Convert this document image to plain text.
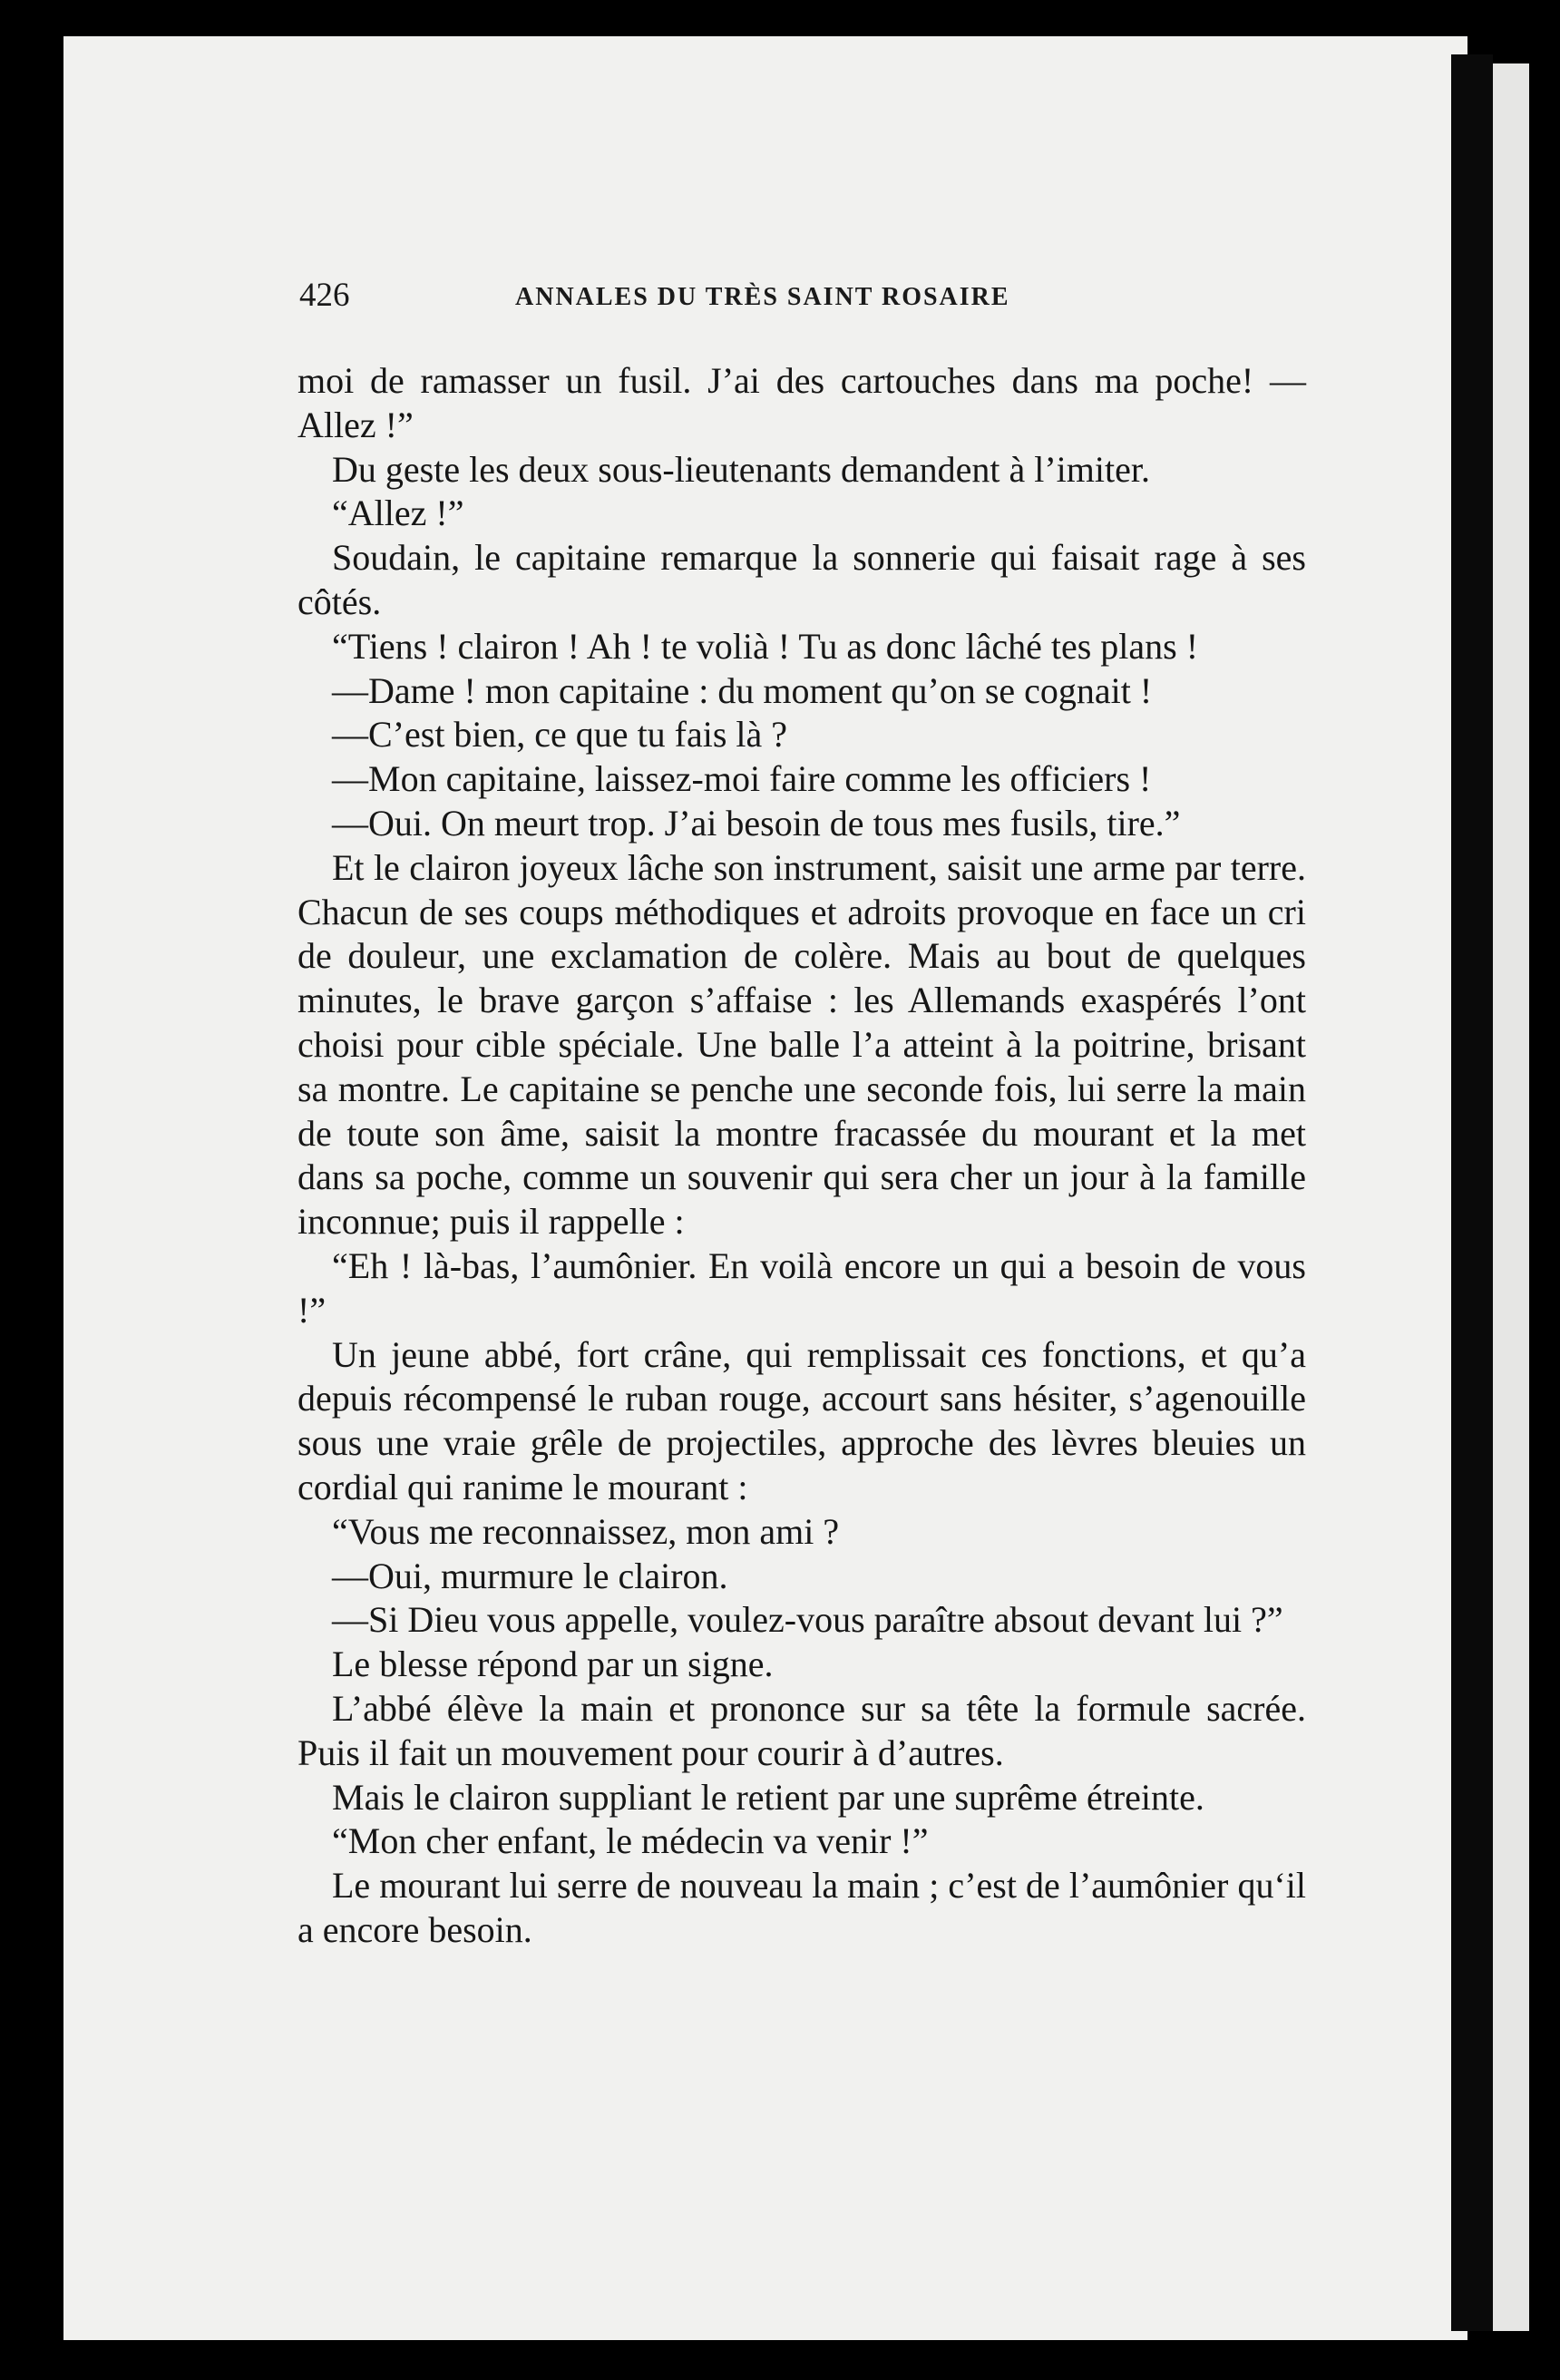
426	ANNALES DU TRÈS SAINT ROSAIRE

moi de ramasser un fusil. J’ai des cartouches dans ma poche! —Allez !”

Du geste les deux sous-lieutenants demandent à l’imiter.

“Allez !”

Soudain, le capitaine remarque la sonnerie qui faisait rage à ses côtés.

“Tiens ! clairon ! Ah ! te volià ! Tu as donc lâché tes plans !

—Dame ! mon capitaine : du moment qu’on se cognait !

—C’est bien, ce que tu fais là ?

—Mon capitaine, laissez-moi faire comme les officiers !

—Oui. On meurt trop. J’ai besoin de tous mes fusils, tire.”

Et le clairon joyeux lâche son instrument, saisit une arme par terre. Chacun de ses coups méthodiques et adroits provoque en face un cri de douleur, une exclamation de colère. Mais au bout de quelques minutes, le brave garçon s’affaise : les Allemands exaspérés l’ont choisi pour cible spéciale. Une balle l’a atteint à la poitrine, brisant sa montre. Le capitaine se penche une seconde fois, lui serre la main de toute son âme, saisit la montre fracassée du mourant et la met dans sa poche, comme un souvenir qui sera cher un jour à la famille inconnue; puis il rappelle :

“Eh ! là-bas, l’aumônier. En voilà encore un qui a besoin de vous !”

Un jeune abbé, fort crâne, qui remplissait ces fonctions, et qu’a depuis récompensé le ruban rouge, accourt sans hésiter, s’agenouille sous une vraie grêle de projectiles, approche des lèvres bleuies un cordial qui ranime le mourant :

“Vous me reconnaissez, mon ami ?

—Oui, murmure le clairon.

—Si Dieu vous appelle, voulez-vous paraître absout devant lui ?”

Le blesse répond par un signe.

L’abbé élève la main et prononce sur sa tête la formule sacrée. Puis il fait un mouvement pour courir à d’autres.

Mais le clairon suppliant le retient par une suprême étreinte.

“Mon cher enfant, le médecin va venir !”

Le mourant lui serre de nouveau la main ; c’est de l’aumônier qu‘il a encore besoin.
